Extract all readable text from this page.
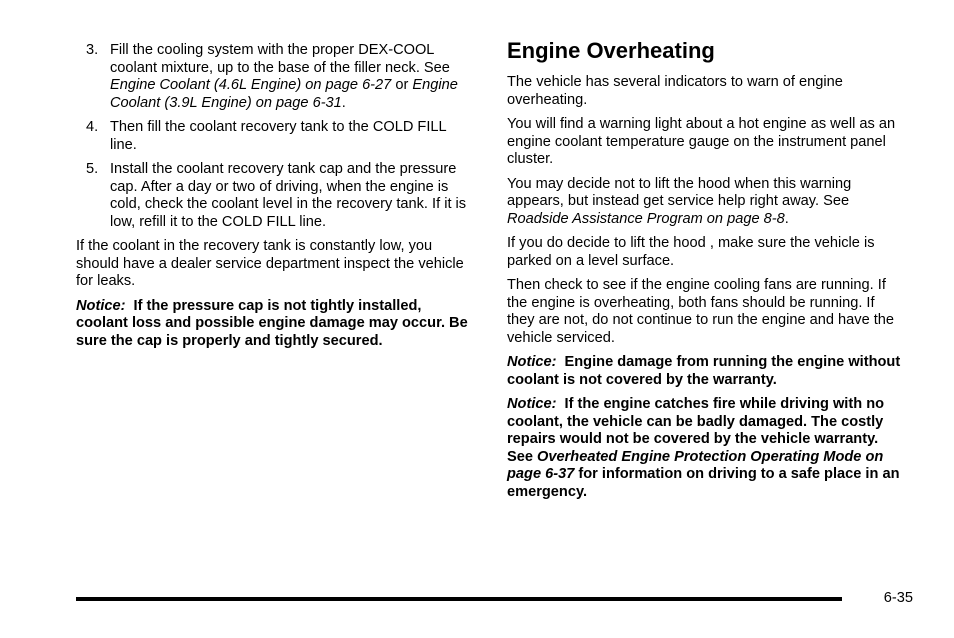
3. Fill the cooling system with the proper DEX-COOL coolant mixture, up to the base of the filler neck. See Engine Coolant (4.6L Engine) on page 6-27 or Engine Coolant (3.9L Engine) on page 6-31.
4. Then fill the coolant recovery tank to the COLD FILL line.
5. Install the coolant recovery tank cap and the pressure cap. After a day or two of driving, when the engine is cold, check the coolant level in the recovery tank. If it is low, refill it to the COLD FILL line.

If the coolant in the recovery tank is constantly low, you should have a dealer service department inspect the vehicle for leaks.

Notice: If the pressure cap is not tightly installed, coolant loss and possible engine damage may occur. Be sure the cap is properly and tightly secured.

Engine Overheating

The vehicle has several indicators to warn of engine overheating.

You will find a warning light about a hot engine as well as an engine coolant temperature gauge on the instrument panel cluster.

You may decide not to lift the hood when this warning appears, but instead get service help right away. See Roadside Assistance Program on page 8-8.

If you do decide to lift the hood , make sure the vehicle is parked on a level surface.

Then check to see if the engine cooling fans are running. If the engine is overheating, both fans should be running. If they are not, do not continue to run the engine and have the vehicle serviced.

Notice: Engine damage from running the engine without coolant is not covered by the warranty.

Notice: If the engine catches fire while driving with no coolant, the vehicle can be badly damaged. The costly repairs would not be covered by the vehicle warranty. See Overheated Engine Protection Operating Mode on page 6-37 for information on driving to a safe place in an emergency.

6-35
